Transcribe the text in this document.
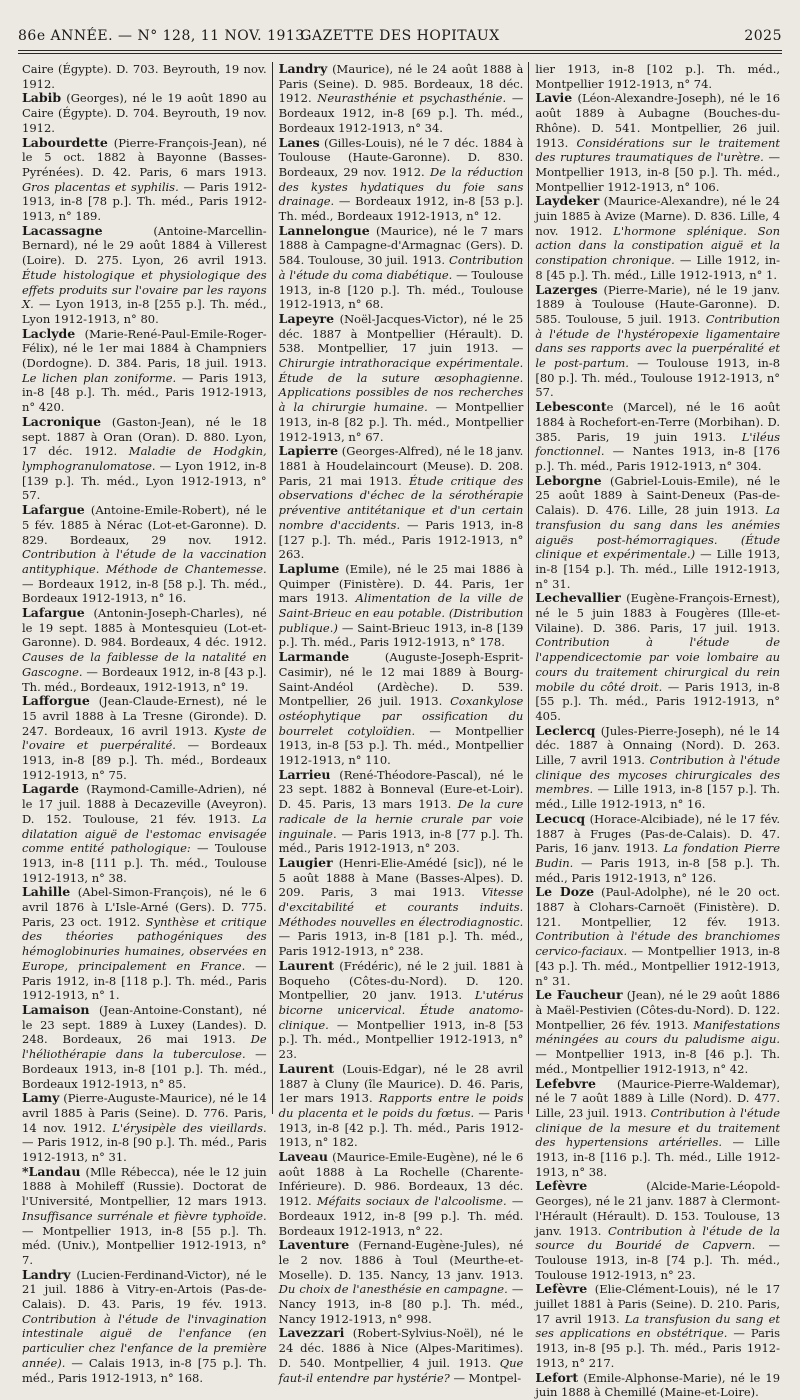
86e ANNÉE. — N° 128, 11 NOV. 1913.
GAZETTE DES HOPITAUX	2025

Caire (Égypte). D. 703. Beyrouth, 19 nov. 1912.

Labib (Georges), né le 19 août 1890 au Caire (Égypte). D. 704. Beyrouth, 19 nov. 1912.

Labourdette (Pierre-François-Jean), né le 5 oct. 1882 à Bayonne (Basses-Pyrénées). D. 42. Paris, 6 mars 1913. Gros placentas et syphilis. — Paris 1912-1913, in-8 [78 p.]. Th. méd., Paris 1912-1913, n° 189.

Lacassagne (Antoine-Marcellin-Bernard), né le 29 août 1884 à Villerest (Loire). D. 275. Lyon, 26 avril 1913. Étude histologique et physiologique des effets produits sur l'ovaire par les rayons X. — Lyon 1913, in-8 [255 p.]. Th. méd., Lyon 1912-1913, n° 80.

Laclyde (Marie-René-Paul-Emile-Roger-Félix), né le 1er mai 1884 à Champniers (Dordogne). D. 384. Paris, 18 juil. 1913. Le lichen plan zoniforme. — Paris 1913, in-8 [48 p.]. Th. méd., Paris 1912-1913, n° 420.

Lacronique (Gaston-Jean), né le 18 sept. 1887 à Oran (Oran). D. 880. Lyon, 17 déc. 1912. Maladie de Hodgkin, lymphogranulomatose. — Lyon 1912, in-8 [139 p.]. Th. méd., Lyon 1912-1913, n° 57.

Lafargue (Antoine-Emile-Robert), né le 5 fév. 1885 à Nérac (Lot-et-Garonne). D. 829. Bordeaux, 29 nov. 1912. Contribution à l'étude de la vaccination antityphique. Méthode de Chantemesse. — Bordeaux 1912, in-8 [58 p.]. Th. méd., Bordeaux 1912-1913, n° 16.

Lafargue (Antonin-Joseph-Charles), né le 19 sept. 1885 à Montesquieu (Lot-et-Garonne). D. 984. Bordeaux, 4 déc. 1912. Causes de la faiblesse de la natalité en Gascogne. — Bordeaux 1912, in-8 [43 p.]. Th. méd., Bordeaux, 1912-1913, n° 19.

Lafforgue (Jean-Claude-Ernest), né le 15 avril 1888 à La Tresne (Gironde). D. 247. Bordeaux, 16 avril 1913. Kyste de l'ovaire et puerpéralité. — Bordeaux 1913, in-8 [89 p.]. Th. méd., Bordeaux 1912-1913, n° 75.

Lagarde (Raymond-Camille-Adrien), né le 17 juil. 1888 à Decazeville (Aveyron). D. 152. Toulouse, 21 fév. 1913. La dilatation aiguë de l'estomac envisagée comme entité pathologique: — Toulouse 1913, in-8 [111 p.]. Th. méd., Toulouse 1912-1913, n° 38.

Lahille (Abel-Simon-François), né le 6 avril 1876 à L'Isle-Arné (Gers). D. 775. Paris, 23 oct. 1912. Synthèse et critique des théories pathogéniques des hémoglobinuries humaines, observées en Europe, principalement en France. — Paris 1912, in-8 [118 p.]. Th. méd., Paris 1912-1913, n° 1.

Lamaison (Jean-Antoine-Constant), né le 23 sept. 1889 à Luxey (Landes). D. 248. Bordeaux, 26 mai 1913. De l'héliothérapie dans la tuberculose. — Bordeaux 1913, in-8 [101 p.]. Th. méd., Bordeaux 1912-1913, n° 85.

Lamy (Pierre-Auguste-Maurice), né le 14 avril 1885 à Paris (Seine). D. 776. Paris, 14 nov. 1912. L'érysipèle des vieillards. — Paris 1912, in-8 [90 p.]. Th. méd., Paris 1912-1913, n° 31.

*Landau (Mlle Rébecca), née le 12 juin 1888 à Mohileff (Russie). Doctorat de l'Université, Montpellier, 12 mars 1913. Insuffisance surrénale et fièvre typhoïde. — Montpellier 1913, in-8 [55 p.]. Th. méd. (Univ.), Montpellier 1912-1913, n° 7.

Landry (Lucien-Ferdinand-Victor), né le 21 juil. 1886 à Vitry-en-Artois (Pas-de-Calais). D. 43. Paris, 19 fév. 1913. Contribution à l'étude de l'invagination intestinale aiguë de l'enfance (en particulier chez l'enfance de la première année). — Calais 1913, in-8 [75 p.]. Th. méd., Paris 1912-1913, n° 168.

Landry (Maurice), né le 24 août 1888 à Paris (Seine). D. 985. Bordeaux, 18 déc. 1912. Neurasthénie et psychasthénie. — Bordeaux 1912, in-8 [69 p.]. Th. méd., Bordeaux 1912-1913, n° 34.

Lanes (Gilles-Louis), né le 7 déc. 1884 à Toulouse (Haute-Garonne). D. 830. Bordeaux, 29 nov. 1912. De la réduction des kystes hydatiques du foie sans drainage. — Bordeaux 1912, in-8 [53 p.]. Th. méd., Bordeaux 1912-1913, n° 12.

Lannelongue (Maurice), né le 7 mars 1888 à Campagne-d'Armagnac (Gers). D. 584. Toulouse, 30 juil. 1913. Contribution à l'étude du coma diabétique. — Toulouse 1913, in-8 [120 p.]. Th. méd., Toulouse 1912-1913, n° 68.

Lapeyre (Noël-Jacques-Victor), né le 25 déc. 1887 à Montpellier (Hérault). D. 538. Montpellier, 17 juin 1913. — Chirurgie intrathoracique expérimentale. Étude de la suture œsophagienne. Applications possibles de nos recherches à la chirurgie humaine. — Montpellier 1913, in-8 [82 p.]. Th. méd., Montpellier 1912-1913, n° 67.

Lapierre (Georges-Alfred), né le 18 janv. 1881 à Houdelaincourt (Meuse). D. 208. Paris, 21 mai 1913. Étude critique des observations d'échec de la sérothérapie préventive antitétanique et d'un certain nombre d'accidents. — Paris 1913, in-8 [127 p.]. Th. méd., Paris 1912-1913, n° 263.

Laplume (Emile), né le 25 mai 1886 à Quimper (Finistère). D. 44. Paris, 1er mars 1913. Alimentation de la ville de Saint-Brieuc en eau potable. (Distribution publique.) — Saint-Brieuc 1913, in-8 [139 p.]. Th. méd., Paris 1912-1913, n° 178.

Larmande (Auguste-Joseph-Esprit-Casimir), né le 12 mai 1889 à Bourg-Saint-Andéol (Ardèche). D. 539. Montpellier, 26 juil. 1913. Coxankylose ostéophytique par ossification du bourrelet cotyloïdien. — Montpellier 1913, in-8 [53 p.]. Th. méd., Montpellier 1912-1913, n° 110.

Larrieu (René-Théodore-Pascal), né le 23 sept. 1882 à Bonneval (Eure-et-Loir). D. 45. Paris, 13 mars 1913. De la cure radicale de la hernie crurale par voie inguinale. — Paris 1913, in-8 [77 p.]. Th. méd., Paris 1912-1913, n° 203.

Laugier (Henri-Elie-Amédé [sic]), né le 5 août 1888 à Mane (Basses-Alpes). D. 209. Paris, 3 mai 1913. Vitesse d'excitabilité et courants induits. Méthodes nouvelles en électrodiagnostic. — Paris 1913, in-8 [181 p.]. Th. méd., Paris 1912-1913, n° 238.

Laurent (Frédéric), né le 2 juil. 1881 à Boqueho (Côtes-du-Nord). D. 120. Montpellier, 20 janv. 1913. L'utérus bicorne unicervical. Étude anatomo-clinique. — Montpellier 1913, in-8 [53 p.]. Th. méd., Montpellier 1912-1913, n° 23.

Laurent (Louis-Edgar), né le 28 avril 1887 à Cluny (île Maurice). D. 46. Paris, 1er mars 1913. Rapports entre le poids du placenta et le poids du fœtus. — Paris 1913, in-8 [42 p.]. Th. méd., Paris 1912-1913, n° 182.

Laveau (Maurice-Emile-Eugène), né le 6 août 1888 à La Rochelle (Charente-Inférieure). D. 986. Bordeaux, 13 déc. 1912. Méfaits sociaux de l'alcoolisme. — Bordeaux 1912, in-8 [99 p.]. Th. méd. Bordeaux 1912-1913, n° 22.

Laventure (Fernand-Eugène-Jules), né le 2 nov. 1886 à Toul (Meurthe-et-Moselle). D. 135. Nancy, 13 janv. 1913. Du choix de l'anesthésie en campagne. — Nancy 1913, in-8 [80 p.]. Th. méd., Nancy 1912-1913, n° 998.

Lavezzari (Robert-Sylvius-Noël), né le 24 déc. 1886 à Nice (Alpes-Maritimes). D. 540. Montpellier, 4 juil. 1913. Que faut-il entendre par hystérie? — Montpel-

lier 1913, in-8 [102 p.]. Th. méd., Montpellier 1912-1913, n° 74.

Lavie (Léon-Alexandre-Joseph), né le 16 août 1889 à Aubagne (Bouches-du-Rhône). D. 541. Montpellier, 26 juil. 1913. Considérations sur le traitement des ruptures traumatiques de l'urètre. — Montpellier 1913, in-8 [50 p.]. Th. méd., Montpellier 1912-1913, n° 106.

Laydeker (Maurice-Alexandre), né le 24 juin 1885 à Avize (Marne). D. 836. Lille, 4 nov. 1912. L'hormone splénique. Son action dans la constipation aiguë et la constipation chronique. — Lille 1912, in-8 [45 p.]. Th. méd., Lille 1912-1913, n° 1.

Lazerges (Pierre-Marie), né le 19 janv. 1889 à Toulouse (Haute-Garonne). D. 585. Toulouse, 5 juil. 1913. Contribution à l'étude de l'hystéropexie ligamentaire dans ses rapports avec la puerpéralité et le post-partum. — Toulouse 1913, in-8 [80 p.]. Th. méd., Toulouse 1912-1913, n° 57.

Lebesconte (Marcel), né le 16 août 1884 à Rochefort-en-Terre (Morbihan). D. 385. Paris, 19 juin 1913. L'iléus fonctionnel. — Nantes 1913, in-8 [176 p.]. Th. méd., Paris 1912-1913, n° 304.

Leborgne (Gabriel-Louis-Emile), né le 25 août 1889 à Saint-Deneux (Pas-de-Calais). D. 476. Lille, 28 juin 1913. La transfusion du sang dans les anémies aiguës post-hémorragiques. (Étude clinique et expérimentale.) — Lille 1913, in-8 [154 p.]. Th. méd., Lille 1912-1913, n° 31.

Lechevallier (Eugène-François-Ernest), né le 5 juin 1883 à Fougères (Ille-et-Vilaine). D. 386. Paris, 17 juil. 1913. Contribution à l'étude de l'appendicectomie par voie lombaire au cours du traitement chirurgical du rein mobile du côté droit. — Paris 1913, in-8 [55 p.]. Th. méd., Paris 1912-1913, n° 405.

Leclercq (Jules-Pierre-Joseph), né le 14 déc. 1887 à Onnaing (Nord). D. 263. Lille, 7 avril 1913. Contribution à l'étude clinique des mycoses chirurgicales des membres. — Lille 1913, in-8 [157 p.]. Th. méd., Lille 1912-1913, n° 16.

Lecucq (Horace-Alcibiade), né le 17 fév. 1887 à Fruges (Pas-de-Calais). D. 47. Paris, 16 janv. 1913. La fondation Pierre Budin. — Paris 1913, in-8 [58 p.]. Th. méd., Paris 1912-1913, n° 126.

Le Doze (Paul-Adolphe), né le 20 oct. 1887 à Clohars-Carnoët (Finistère). D. 121. Montpellier, 12 fév. 1913. Contribution à l'étude des branchiomes cervico-faciaux. — Montpellier 1913, in-8 [43 p.]. Th. méd., Montpellier 1912-1913, n° 31.

Le Faucheur (Jean), né le 29 août 1886 à Maël-Pestivien (Côtes-du-Nord). D. 122. Montpellier, 26 fév. 1913. Manifestations méningées au cours du paludisme aigu. — Montpellier 1913, in-8 [46 p.]. Th. méd., Montpellier 1912-1913, n° 42.

Lefebvre (Maurice-Pierre-Waldemar), né le 7 août 1889 à Lille (Nord). D. 477. Lille, 23 juil. 1913. Contribution à l'étude clinique de la mesure et du traitement des hypertensions artérielles. — Lille 1913, in-8 [116 p.]. Th. méd., Lille 1912-1913, n° 38.

Lefèvre (Alcide-Marie-Léopold-Georges), né le 21 janv. 1887 à Clermont-l'Hérault (Hérault). D. 153. Toulouse, 13 janv. 1913. Contribution à l'étude de la source du Bouridé de Capvern. — Toulouse 1913, in-8 [74 p.]. Th. méd., Toulouse 1912-1913, n° 23.

Lefèvre (Elie-Clément-Louis), né le 17 juillet 1881 à Paris (Seine). D. 210. Paris, 17 avril 1913. La transfusion du sang et ses applications en obstétrique. — Paris 1913, in-8 [95 p.]. Th. méd., Paris 1912-1913, n° 217.

Lefort (Emile-Alphonse-Marie), né le 19 juin 1888 à Chemillé (Maine-et-Loire).
